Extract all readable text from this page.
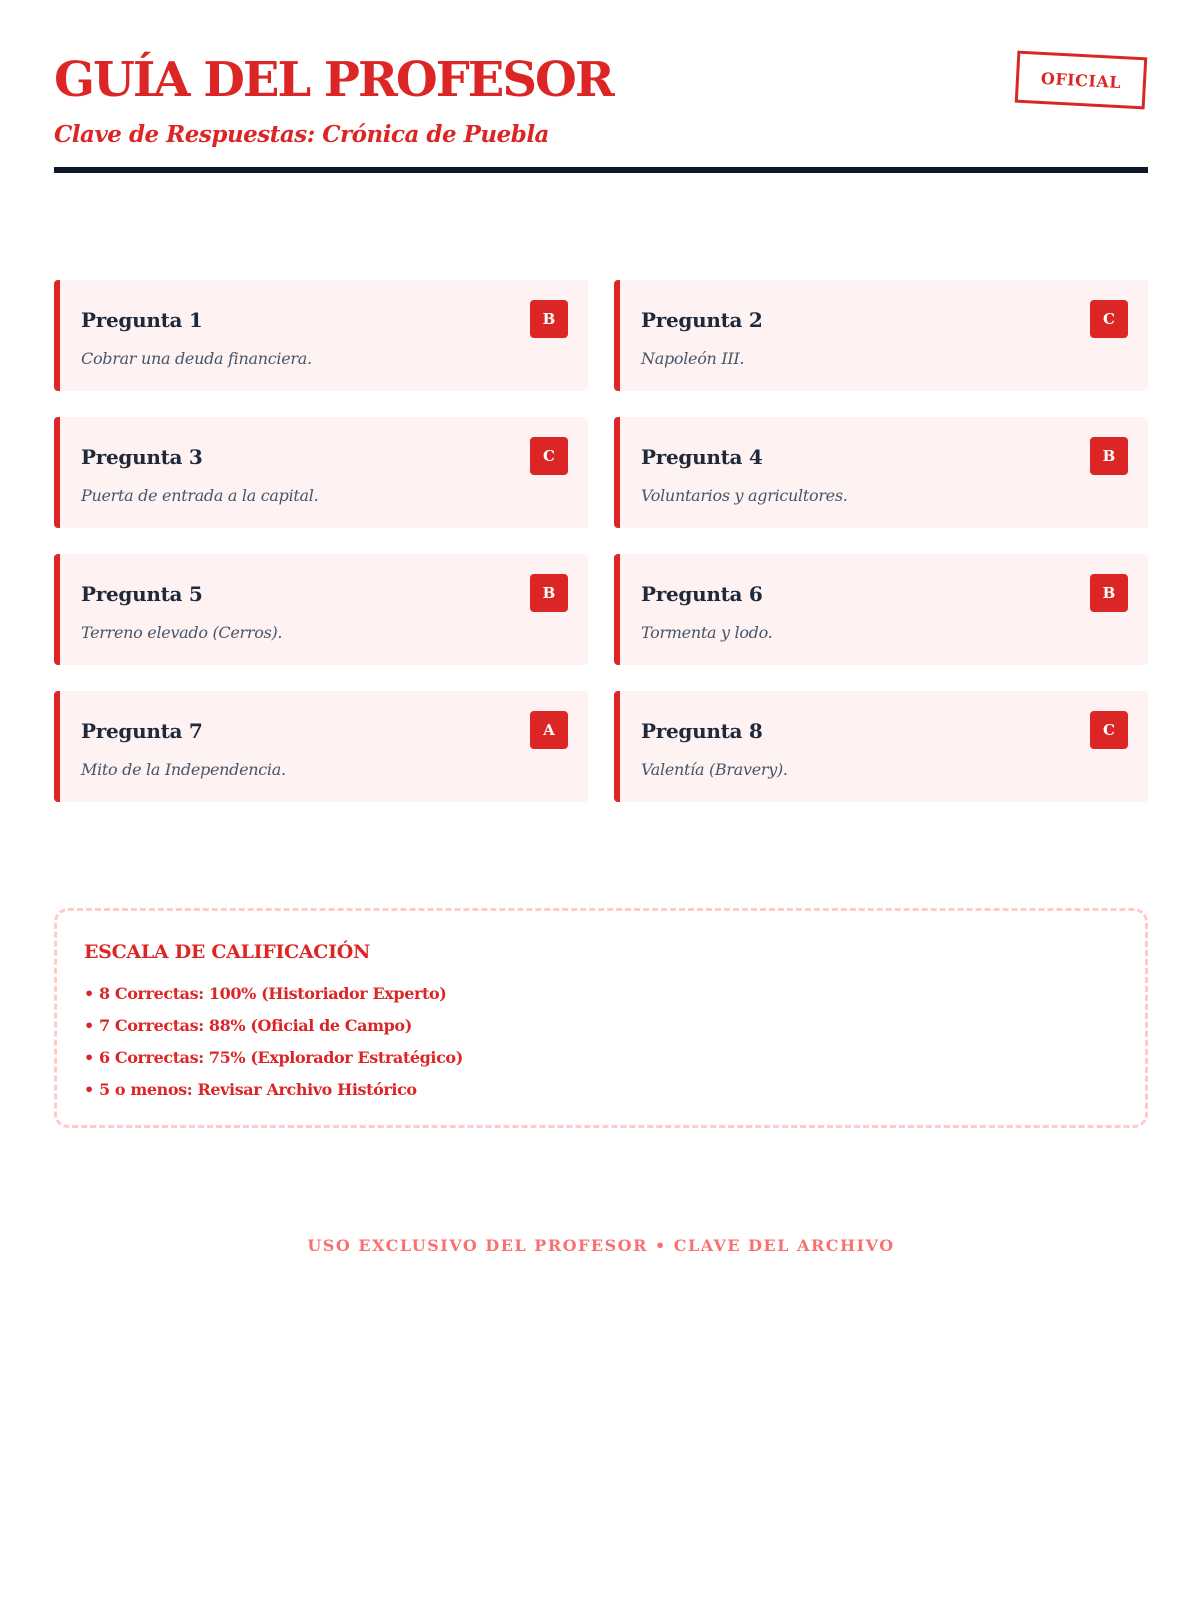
GUÍA DEL PROFESOR
Clave de Respuestas: Crónica de Puebla
OFICIAL
Pregunta 1	B
Cobrar una deuda financiera.
Pregunta 2	C
Napoleón III.
Pregunta 3	C
Puerta de entrada a la capital.
Pregunta 4	B
Voluntarios y agricultores.
Pregunta 5	B
Terreno elevado (Cerros).
Pregunta 6	B
Tormenta y lodo.
Pregunta 7	A
Mito de la Independencia.
Pregunta 8	C
Valentía (Bravery).
ESCALA DE CALIFICACIÓN
• 8 Correctas: 100% (Historiador Experto)
• 7 Correctas: 88% (Oficial de Campo)
• 6 Correctas: 75% (Explorador Estratégico)
• 5 o menos: Revisar Archivo Histórico
USO EXCLUSIVO DEL PROFESOR • CLAVE DEL ARCHIVO
